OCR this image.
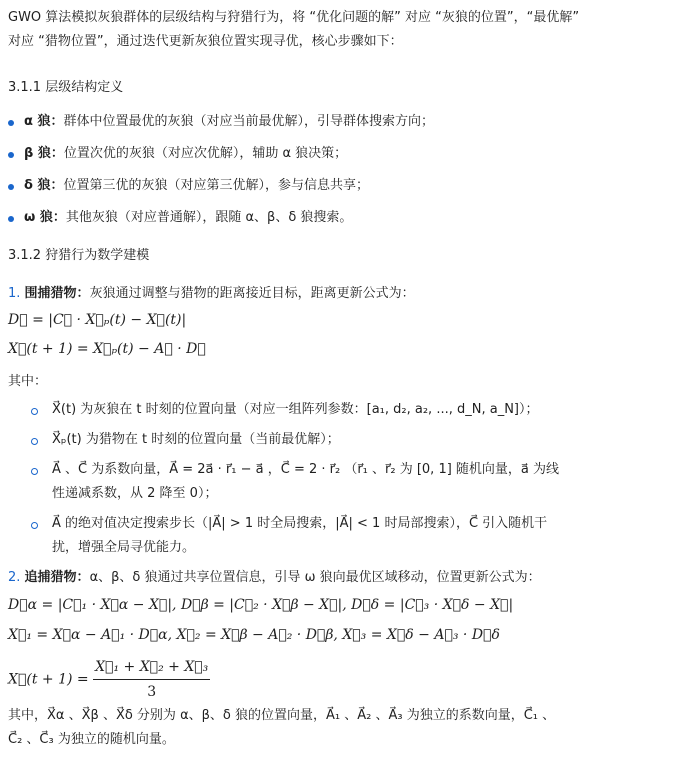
GWO 算法模拟灰狼群体的层级结构与狩猎行为，将 “优化问题的解” 对应 “灰狼的位置”，“最优解”
对应 “猎物位置”，通过迭代更新灰狼位置实现寻优，核心步骤如下：
3.1.1 层级结构定义
α 狼：群体中位置最优的灰狼（对应当前最优解），引导群体搜索方向；
β 狼：位置次优的灰狼（对应次优解），辅助 α 狼决策；
δ 狼：位置第三优的灰狼（对应第三优解），参与信息共享；
ω 狼：其他灰狼（对应普通解），跟随 α、β、δ 狼搜索。
3.1.2 狩猎行为数学建模
1. 围捕猎物：灰狼通过调整与猎物的距离接近目标，距离更新公式为：
D⃗ = |C⃗ · X⃗ₚ(t) − X⃗(t)|
X⃗(t + 1) = X⃗ₚ(t) − A⃗ · D⃗
其中：
X⃗(t) 为灰狼在 t 时刻的位置向量（对应一组阵列参数：[a₁, d₂, a₂, ..., d_N, a_N]）；
X⃗ₚ(t) 为猎物在 t 时刻的位置向量（当前最优解）；
A⃗ 、C⃗ 为系数向量，A⃗ = 2a⃗ · r⃗₁ − a⃗ ，C⃗ = 2 · r⃗₂ （r⃗₁ 、r⃗₂ 为 [0, 1] 随机向量，a⃗ 为线
性递减系数，从 2 降至 0）；
A⃗ 的绝对值决定搜索步长（|A⃗| > 1 时全局搜索，|A⃗| < 1 时局部搜索），C⃗ 引入随机干
扰，增强全局寻优能力。
2. 追捕猎物：α、β、δ 狼通过共享位置信息，引导 ω 狼向最优区域移动，位置更新公式为：
D⃗α = |C⃗₁ · X⃗α − X⃗|, D⃗β = |C⃗₂ · X⃗β − X⃗|, D⃗δ = |C⃗₃ · X⃗δ − X⃗|
X⃗₁ = X⃗α − A⃗₁ · D⃗α, X⃗₂ = X⃗β − A⃗₂ · D⃗β, X⃗₃ = X⃗δ − A⃗₃ · D⃗δ
X⃗(t + $1) = \frac{\text{X⃗₁ + X⃗₂ + X⃗₃}}{3}$
其中，X⃗α 、X⃗β 、X⃗δ 分别为 α、β、δ 狼的位置向量，A⃗₁ 、A⃗₂ 、A⃗₃ 为独立的系数向量，C⃗₁ 、
C⃗₂ 、C⃗₃ 为独立的随机向量。
